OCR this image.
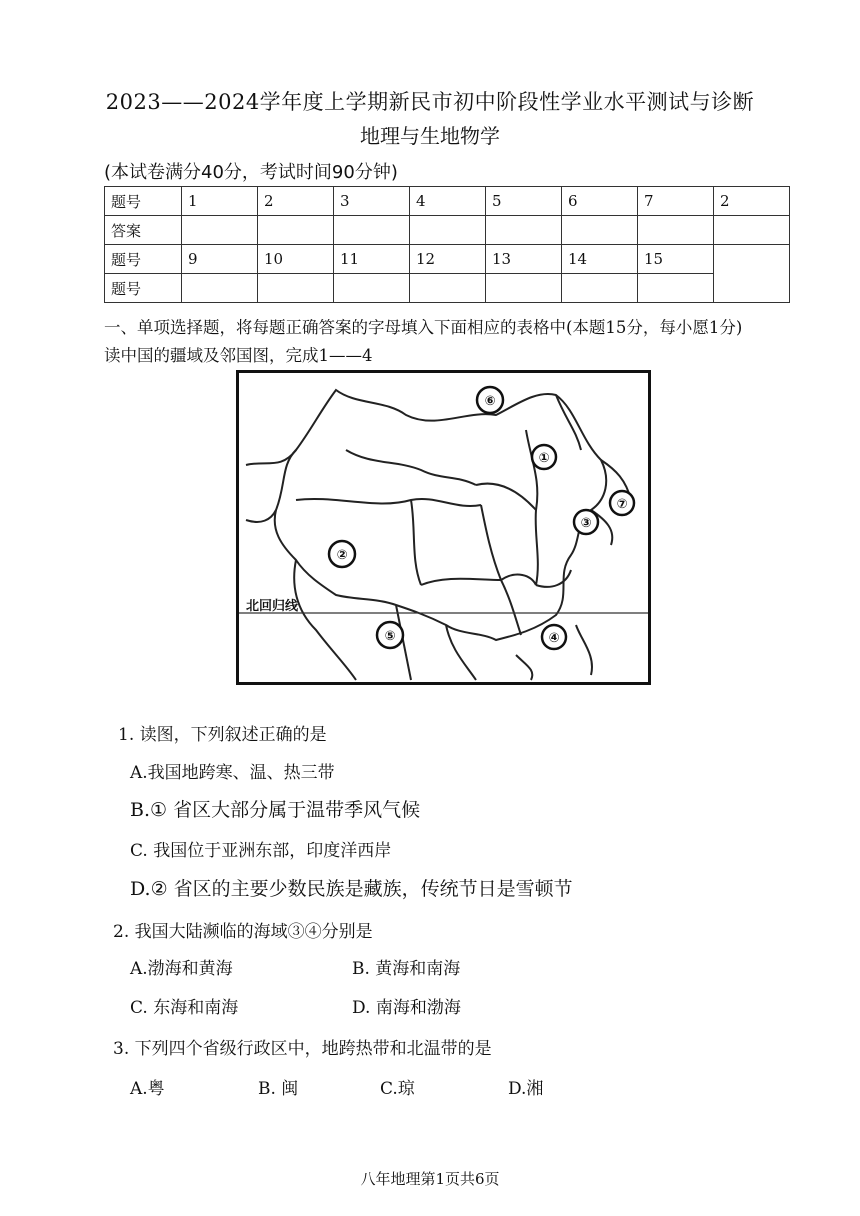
2023——2024学年度上学期新民市初中阶段性学业水平测试与诊断
地理与生地物学
(本试卷满分40分，考试时间90分钟)
题号	1	2	3	4	5	6	7	2
答案								
题号	9	10	11	12	13	14	15	
题号								
一、单项选择题，将每题正确答案的字母填入下面相应的表格中(本题15分，每小愿1分)
读中国的疆域及邻国图，完成1——4
北回归线
⑥
①
⑦
③
②
⑤	④
1. 读图，下列叙述正确的是
A.我国地跨寒、温、热三带
B.① 省区大部分属于温带季风气候
C. 我国位于亚洲东部，印度洋西岸
D.② 省区的主要少数民族是藏族，传统节日是雪顿节
2. 我国大陆濒临的海域③④分别是
A.渤海和黄海	B. 黄海和南海
C. 东海和南海	D. 南海和渤海
3. 下列四个省级行政区中，地跨热带和北温带的是
A.粤	B. 闽	C.琼	D.湘
八年地理第1页共6页
